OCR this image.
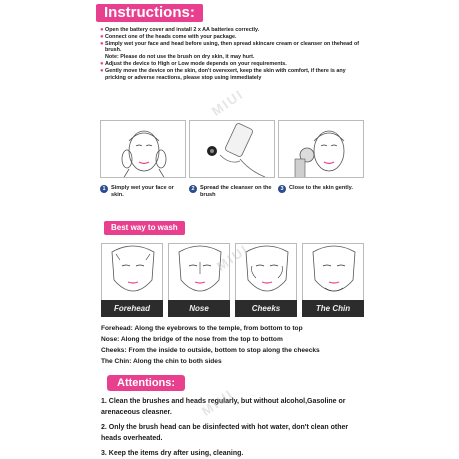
Instructions:
● Open the battery cover and install 2 x AA batteries correctly.
● Connect one of the heads come with your package.
● Simply wet your face and head before using, then spread skincare cream or cleanser on thehead of brush.
Note: Please do not use the brush on dry skin, it may hurt.
● Adjust the device to High or Low mode depends on your requirements.
● Gently move the device on the skin, don't overexert, keep the skin with comfort, if there is any pricking or adverse reactions, please stop using immediately
1 Simply wet your face or skin.
2 Spread the cleanser on the brush
3 Close to the skin gently.
Best way to wash
Forehead	Nose	Cheeks	The Chin
Forehead: Along the eyebrows to the temple, from bottom to top
Nose: Along the bridge of the nose from the top to bottom
Cheeks: From the inside to outside, bottom to stop along the cheecks
The Chin: Along the chin to both sides
Attentions:

1. Clean the brushes and heads regularly, but without alcohol,Gasoline or arenaceous cleasner.

2. Only the brush head can be disinfected with hot water, don't clean other heads overheated.

3. Keep the items dry after using, cleaning.

MIUI
MIUI
MIUI
